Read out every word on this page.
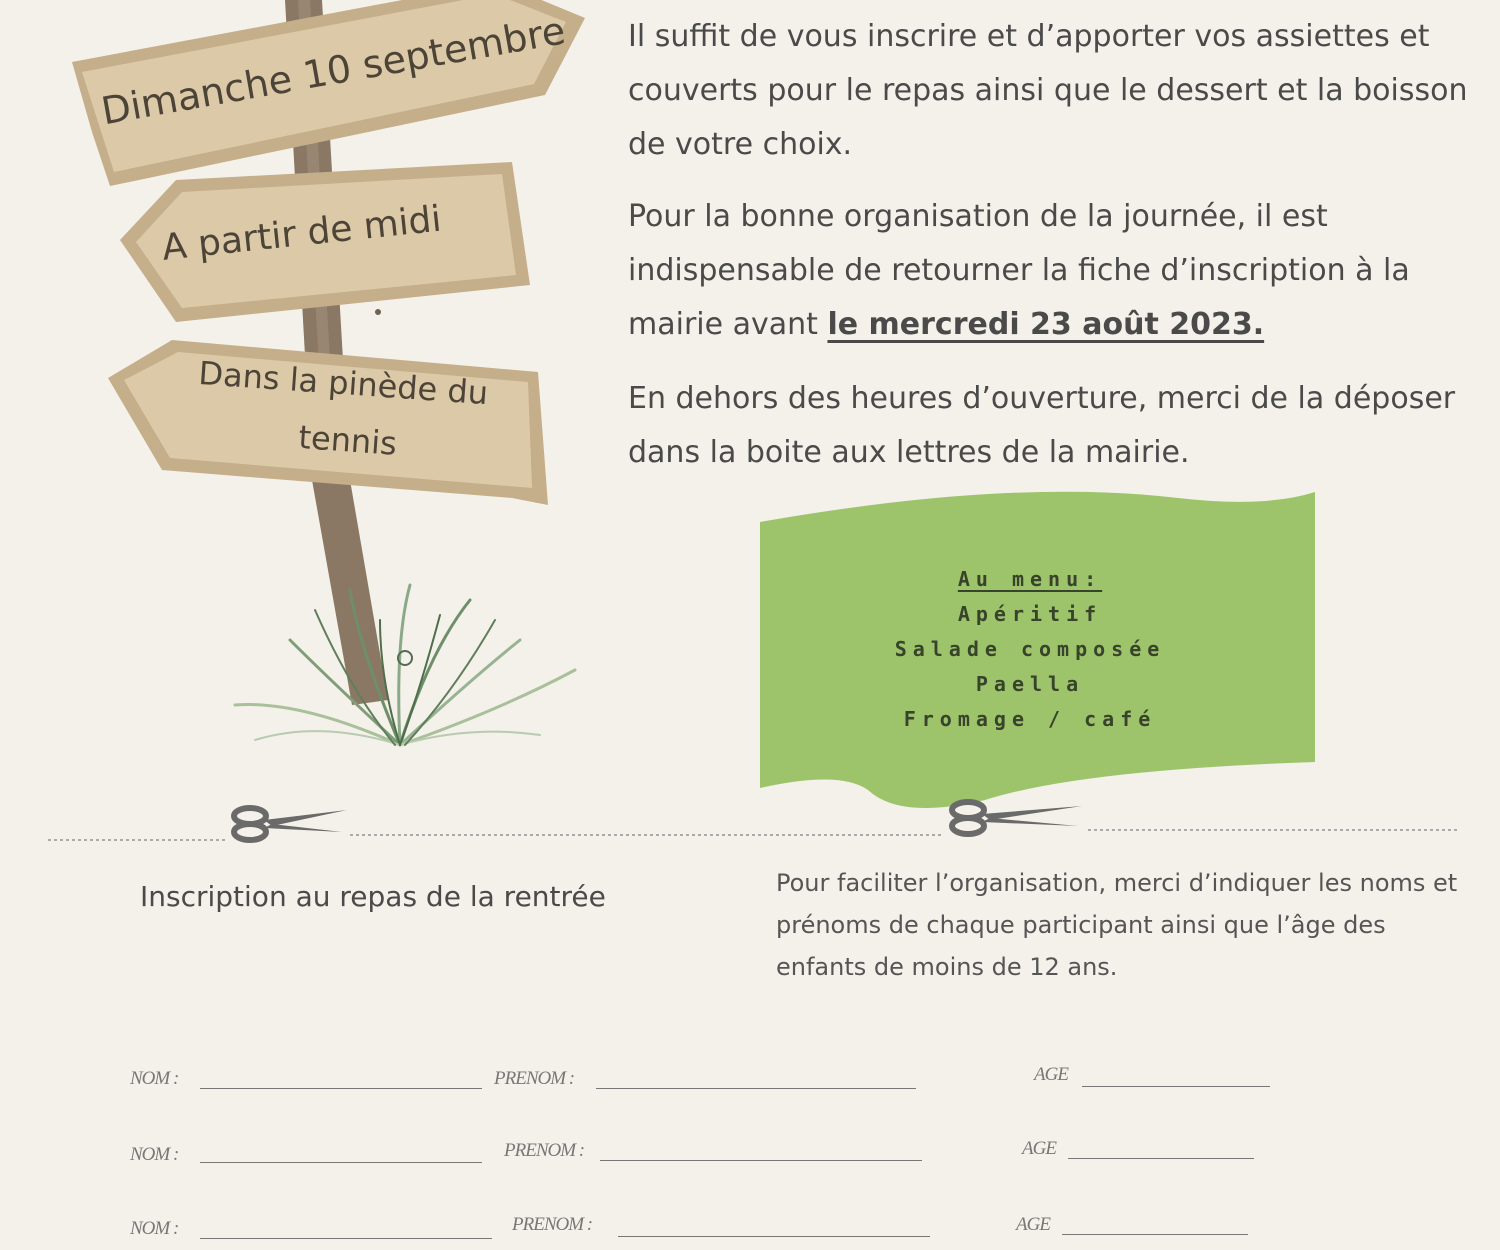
Dimanche 10 septembre
A partir de midi
Dans la pinède du
tennis

Il suffit de vous inscrire et d’apporter vos assiettes et couverts pour le repas ainsi que le dessert et la boisson de votre choix.

Pour la bonne organisation de la journée, il est indispensable de retourner la fiche d’inscription à la mairie avant le mercredi 23 août 2023.

En dehors des heures d’ouverture, merci de la déposer dans la boite aux lettres de la mairie.

Au menu:
Apéritif
Salade composée
Paella
Fromage / café

Inscription au repas de la rentrée	Pour faciliter l’organisation, merci d’indiquer les noms et prénoms de chaque participant ainsi que l’âge des enfants de moins de 12 ans.

NOM :	PRENOM :	AGE
NOM :	PRENOM :	AGE
NOM :	PRENOM :	AGE
